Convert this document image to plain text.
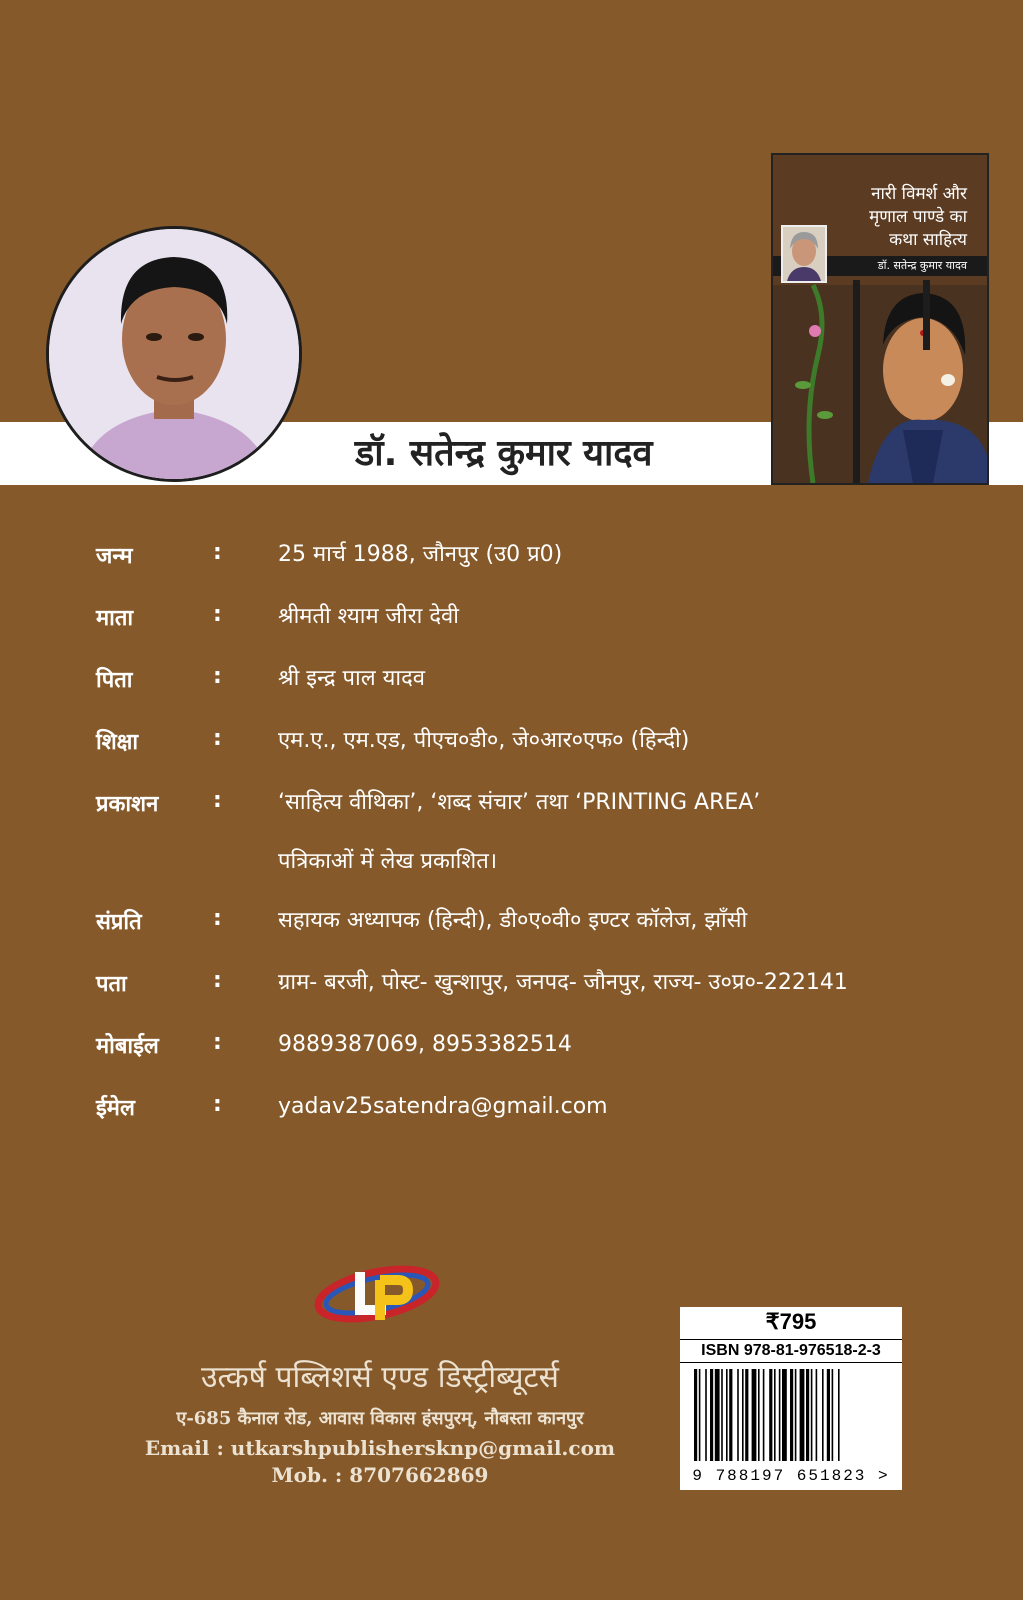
डॉ. सतेन्द्र कुमार यादव
नारी विमर्श और
मृणाल पाण्डे का
कथा साहित्य
डॉ. सतेन्द्र कुमार यादव
जन्म	:	25 मार्च 1988, जौनपुर (उ0 प्र0)
माता	:	श्रीमती श्याम जीरा देवी
पिता	:	श्री इन्द्र पाल यादव
शिक्षा	:	एम.ए., एम.एड, पीएच०डी०, जे०आर०एफ० (हिन्दी)
प्रकाशन :	‘साहित्य वीथिका’, ‘शब्द संचार’ तथा ‘PRINTING AREA’
पत्रिकाओं में लेख प्रकाशित।
संप्रति	:	सहायक अध्यापक (हिन्दी), डी०ए०वी० इण्टर कॉलेज, झाँसी
पता	:	ग्राम- बरजी, पोस्ट- खुन्शापुर, जनपद- जौनपुर, राज्य- उ०प्र०-222141
मोबाईल :	9889387069, 8953382514
ईमेल	:	yadav25satendra@gmail.com
उत्कर्ष पब्लिशर्स एण्ड डिस्ट्रीब्यूटर्स
ए-685 कैनाल रोड, आवास विकास हंसपुरम्, नौबस्ता कानपुर
Email : utkarshpublishersknp@gmail.com
Mob. : 8707662869
₹795
ISBN 978-81-976518-2-3
9 788197 651823 >
